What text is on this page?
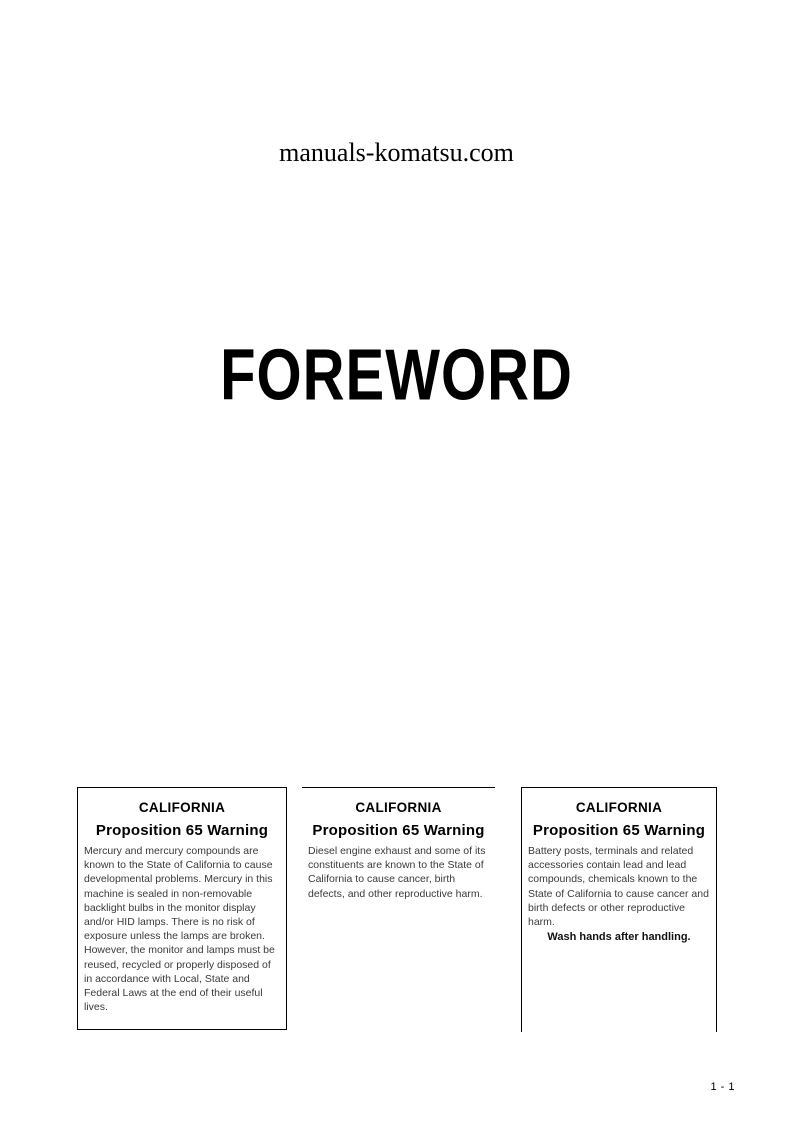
manuals-komatsu.com
FOREWORD
CALIFORNIA
Proposition 65 Warning
Mercury and mercury compounds are known to the State of California to cause developmental problems. Mercury in this machine is sealed in non-removable backlight bulbs in the monitor display and/or HID lamps. There is no risk of exposure unless the lamps are broken. However, the monitor and lamps must be reused, recycled or properly disposed of in accordance with Local, State and Federal Laws at the end of their useful lives.
CALIFORNIA
Proposition 65 Warning
Diesel engine exhaust and some of its constituents are known to the State of California to cause cancer, birth defects, and other reproductive harm.
CALIFORNIA
Proposition 65 Warning
Battery posts, terminals and related accessories contain lead and lead compounds, chemicals known to the State of California to cause cancer and birth defects or other reproductive harm.
Wash hands after handling.
1 - 1
